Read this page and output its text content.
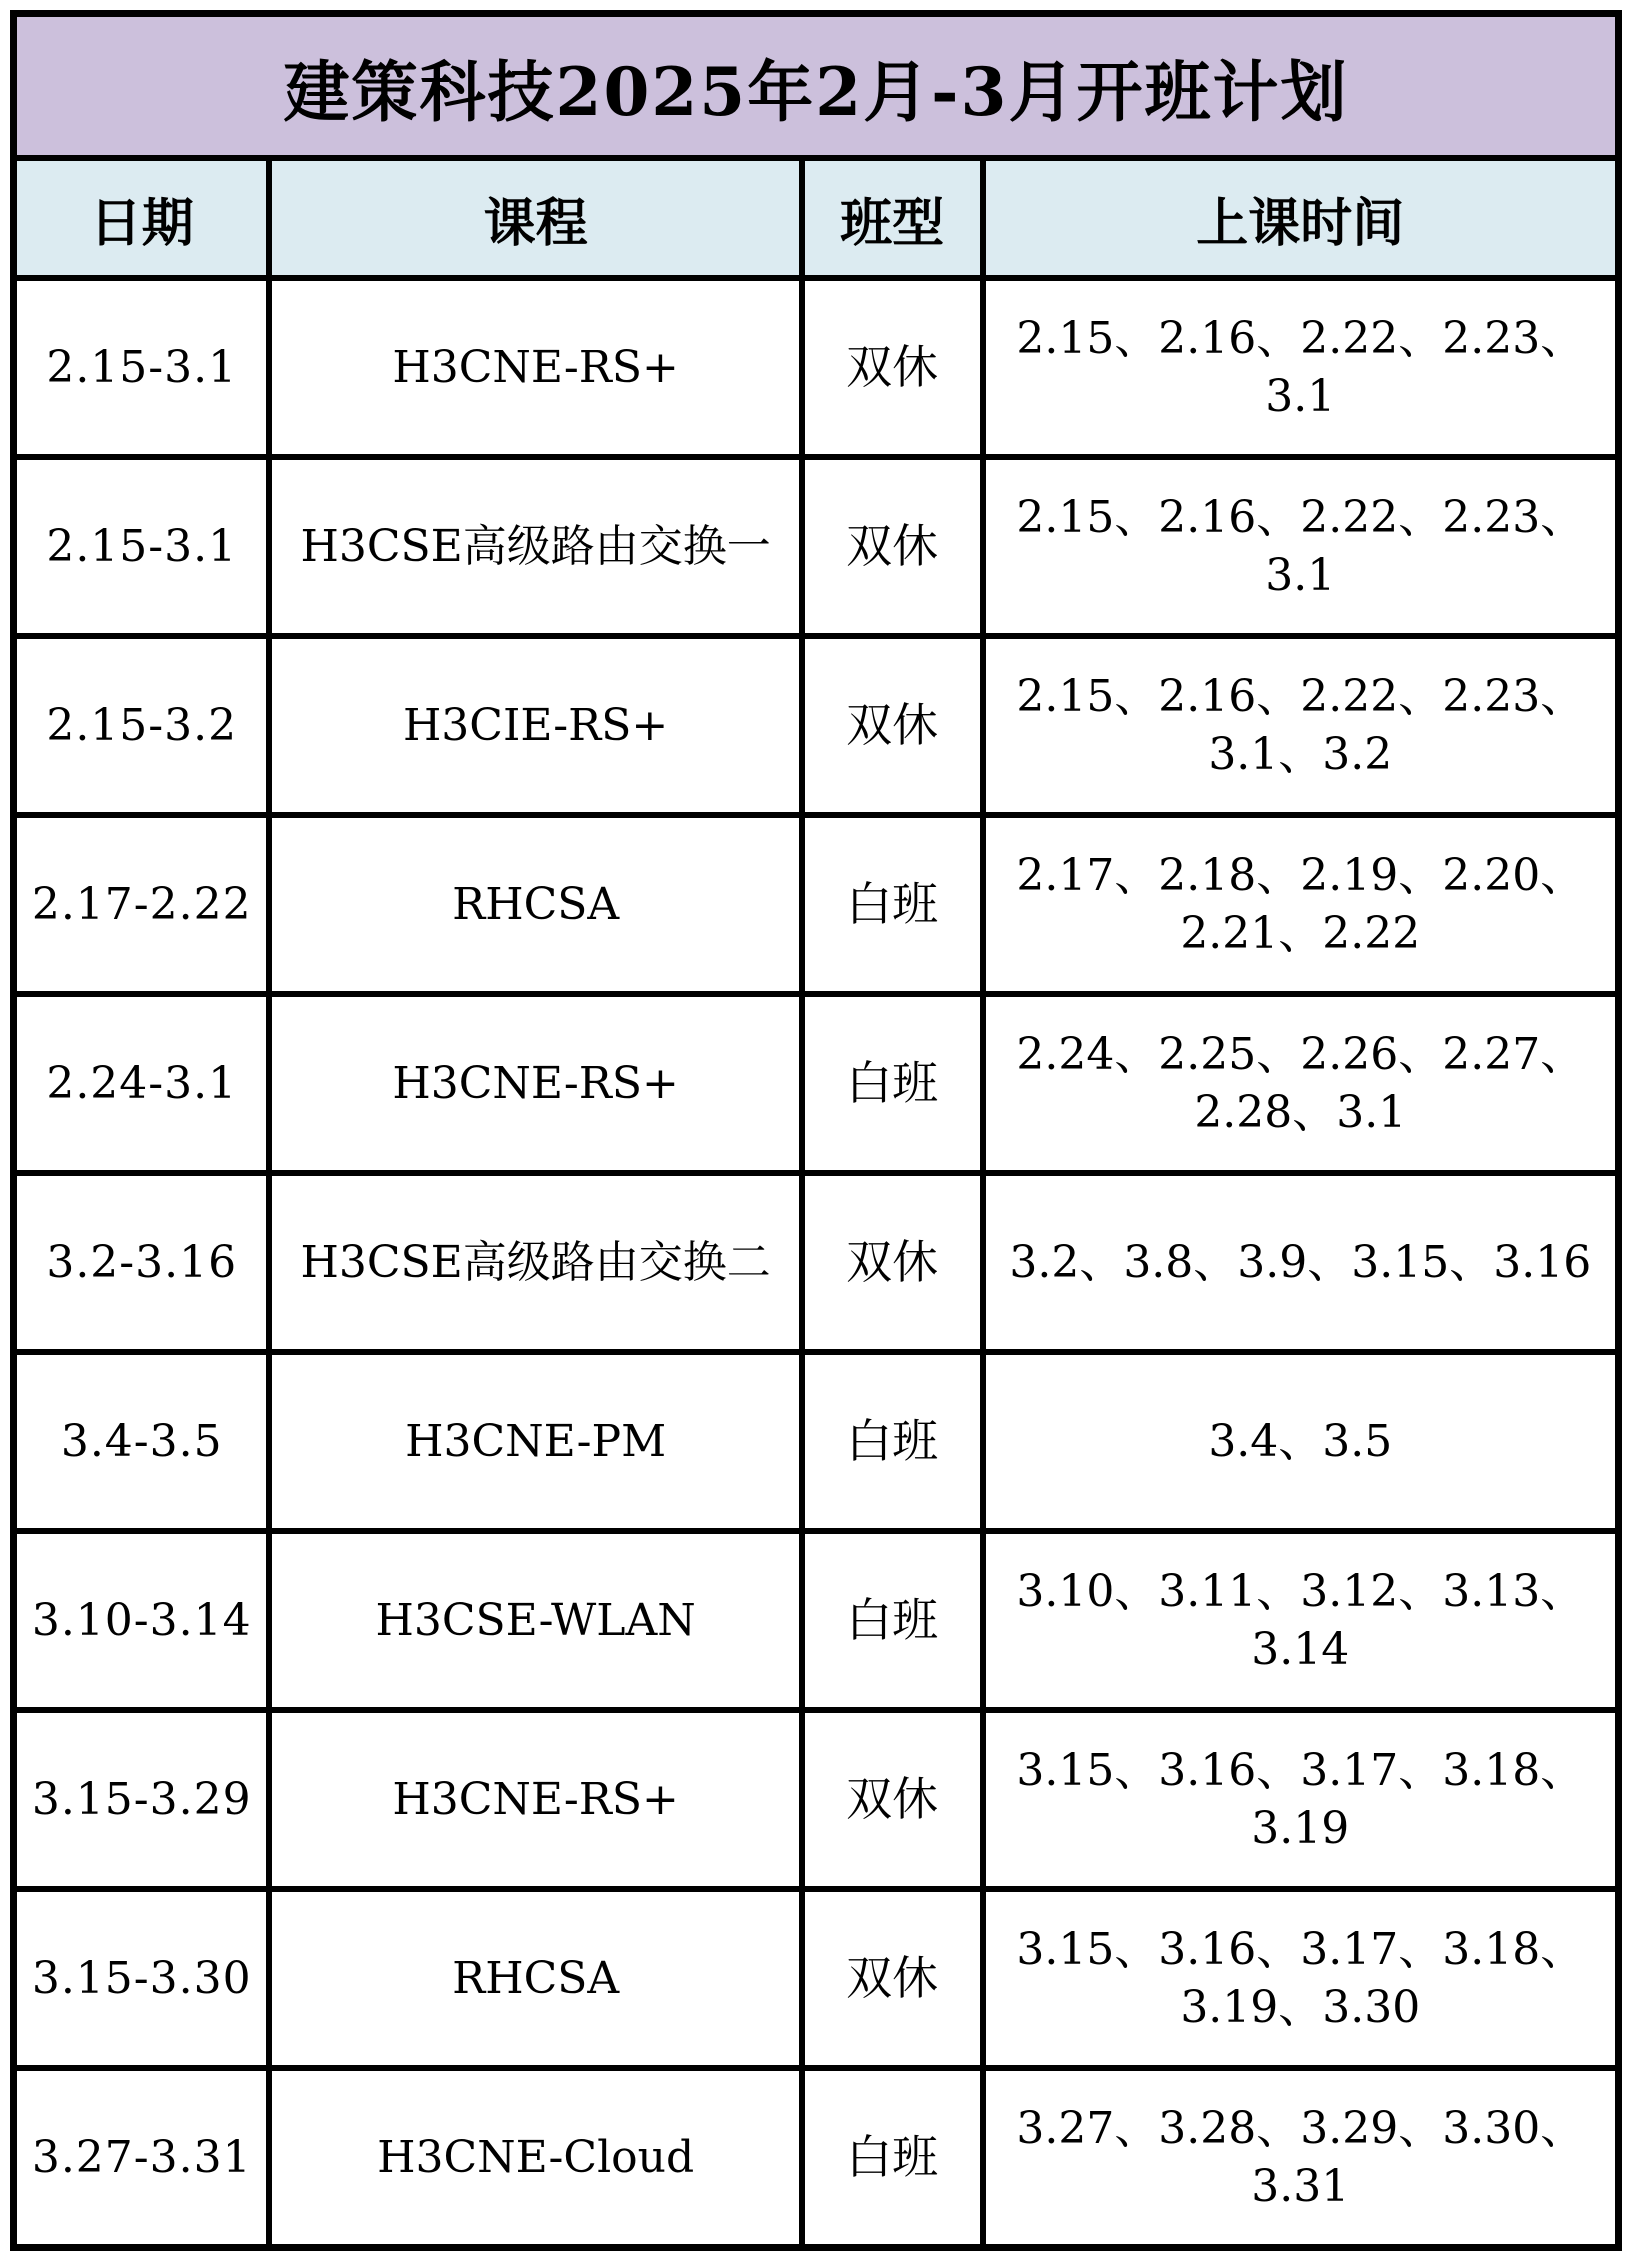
建策科技2025年2月-3月开班计划			
日期	课程	班型	上课时间
2.15-3.1	H3CNE-RS+	双休	2.15、2.16、2.22、2.23、3.1
2.15-3.1	H3CSE高级路由交换一	双休	2.15、2.16、2.22、2.23、3.1
2.15-3.2	H3CIE-RS+	双休	2.15、2.16、2.22、2.23、3.1、3.2
2.17-2.22	RHCSA	白班	2.17、2.18、2.19、2.20、2.21、2.22
2.24-3.1	H3CNE-RS+	白班	2.24、2.25、2.26、2.27、2.28、3.1
3.2-3.16	H3CSE高级路由交换二	双休	3.2、3.8、3.9、3.15、3.16
3.4-3.5	H3CNE-PM	白班	3.4、3.5
3.10-3.14	H3CSE-WLAN	白班	3.10、3.11、3.12、3.13、3.14
3.15-3.29	H3CNE-RS+	双休	3.15、3.16、3.17、3.18、3.19
3.15-3.30	RHCSA	双休	3.15、3.16、3.17、3.18、3.19、3.30
3.27-3.31	H3CNE-Cloud	白班	3.27、3.28、3.29、3.30、3.31
